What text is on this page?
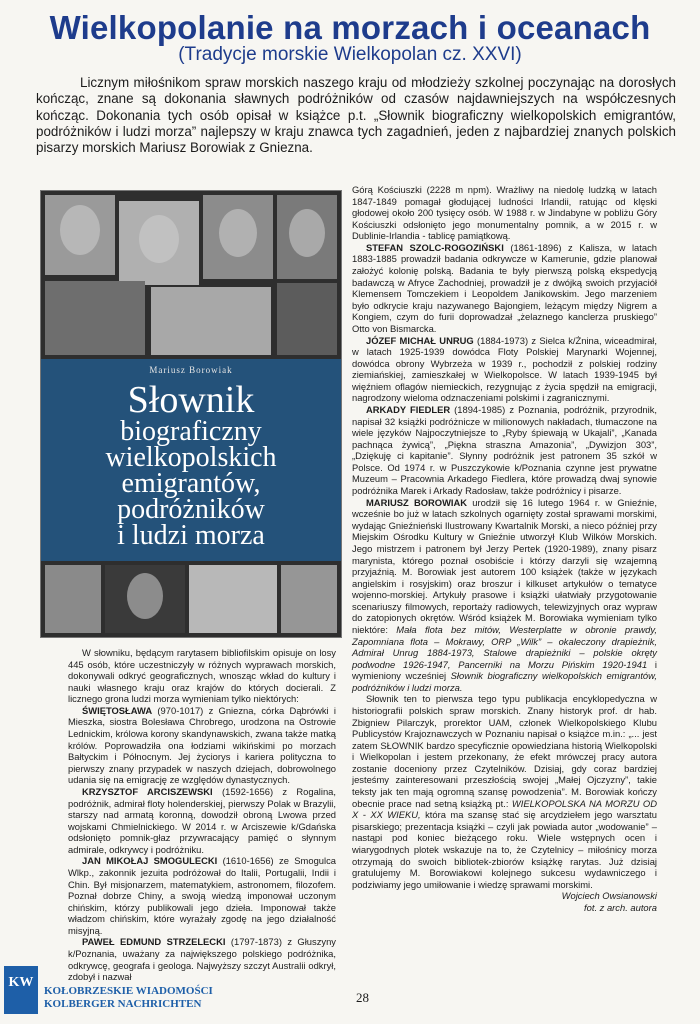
Wielkopolanie na morzach i oceanach
(Tradycje morskie Wielkopolan cz. XXVI)
Licznym miłośnikom spraw morskich naszego kraju od młodzieży szkolnej poczynając na dorosłych kończąc, znane są dokonania sławnych podróżników od czasów najdawniejszych na współczesnych kończąc. Dokonania tych osób opisał w książce p.t. „Słownik biograficzny wielkopolskich emigrantów, podróżników i ludzi morza” najlepszy w kraju znawca tych zagadnień, jeden z najbardziej znanych polskich pisarzy morskich Mariusz Borowiak z Gniezna.
Mariusz Borowiak
Słownik
biograficzny
wielkopolskich
emigrantów,
podróżników
i ludzi morza

W słowniku, będącym rarytasem bibliofilskim opisuje on losy 445 osób, które uczestniczyły w różnych wyprawach morskich, dokonywali odkryć geograficznych, wnosząc wkład do kultury i nauki własnego kraju oraz krajów do których docierali. Z licznego grona ludzi morza wymieniam tylko niektórych:

ŚWIĘTOSŁAWA (970-1017) z Gniezna, córka Dąbrówki i Mieszka, siostra Bolesława Chrobrego, urodzona na Ostrowie Lednickim, królowa korony skandynawskich, zwana także matką królów. Poprowadziła ona łodziami wikińskimi po morzach Bałtyckim i Północnym. Jej życiorys i kariera polityczna to pierwszy znany przypadek w naszych dziejach, dobrowolnego udania się na emigrację ze względów dynastycznych.

KRZYSZTOF ARCISZEWSKI (1592-1656) z Rogalina, podróżnik, admirał floty holenderskiej, pierwszy Polak w Brazylii, starszy nad armatą koronną, dowodził obroną Lwowa przed wojskami Chmielnickiego. W 2014 r. w Arciszewie k/Gdańska odsłonięto pomnik-głaz przywracający pamięć o słynnym admirale, odkrywcy i podróżniku.

JAN MIKOŁAJ SMOGULECKI (1610-1656) ze Smogulca Wlkp., zakonnik jezuita podróżował do Italii, Portugalii, Indii i Chin. Był misjonarzem, matematykiem, astronomem, filozofem. Poznał dobrze Chiny, a swoją wiedzą imponował uczonym chińskim, którzy publikowali jego dzieła. Imponował także władzom chińskim, które wyrażały zgodę na jego działalność misyjną.

PAWEŁ EDMUND STRZELECKI (1797-1873) z Głuszyny k/Poznania, uważany za największego polskiego podróżnika, odkrywcę, geografa i geologa. Najwyższy szczyt Australii odkrył, zdobył i nazwał

Górą Kościuszki (2228 m npm). Wrażliwy na niedolę ludzką w latach 1847-1849 pomagał głodującej ludności Irlandii, ratując od klęski głodowej około 200 tysięcy osób. W 1988 r. w Jindabyne w pobliżu Góry Kościuszki odsłonięto jego monumentalny pomnik, a w 2015 r. w Dublinie-Irlandia - tablicę pamiątkową.

STEFAN SZOLC-ROGOZIŃSKI (1861-1896) z Kalisza, w latach 1883-1885 prowadził badania odkrywcze w Kamerunie, gdzie planował założyć kolonię polską. Badania te były pierwszą polską ekspedycją badawczą w Afryce Zachodniej, prowadził je z dwójką swoich przyjaciół Klemensem Tomczekiem i Leopoldem Janikowskim. Jego marzeniem było odkrycie kraju nazywanego Bajongiem, leżącym między Nigrem a Kongiem, czym do furii doprowadzał „żelaznego kanclerza pruskiego” Otto von Bismarcka.

JÓZEF MICHAŁ UNRUG (1884-1973) z Sielca k/Żnina, wiceadmirał, w latach 1925-1939 dowódca Floty Polskiej Marynarki Wojennej, dowódca obrony Wybrzeża w 1939 r., pochodził z polskiej rodziny ziemiańskiej, zamieszkałej w Wielkopolsce. W latach 1939-1945 był więźniem oflagów niemieckich, rezygnując z życia spędził na emigracji, nagrodzony wieloma odznaczeniami polskimi i zagranicznymi.

ARKADY FIEDLER (1894-1985) z Poznania, podróżnik, przyrodnik, napisał 32 książki podróżnicze w milionowych nakładach, tłumaczone na wiele języków Najpoczytniejsze to „Ryby śpiewają w Ukajali”, „Kanada pachnąca żywicą”, „Piękna straszna Amazonia”, „Dywizjon 303”, „Dziękuję ci kapitanie”. Słynny podróżnik jest patronem 35 szkół w Polsce. Od 1974 r. w Puszczykowie k/Poznania czynne jest prywatne Muzeum – Pracownia Arkadego Fiedlera, które prowadzą dwaj synowie podróżnika Marek i Arkady Radosław, także podróżnicy i pisarze.

MARIUSZ BOROWIAK urodził się 16 lutego 1964 r. w Gnieźnie, wcześnie bo już w latach szkolnych ogarnięty został sprawami morskimi, wydając Gnieźnieński Ilustrowany Kwartalnik Morski, a nieco później przy Miejskim Ośrodku Kultury w Gnieźnie utworzył Klub Wilków Morskich. Jego mistrzem i patronem był Jerzy Pertek (1920-1989), znany pisarz marynista, którego poznał osobiście i którzy darzyli się wzajemną przyjaźnią. M. Borowiak jest autorem 100 książek (także w językach angielskim i rosyjskim) oraz broszur i kilkuset artykułów o tematyce wojenno-morskiej. Artykuły prasowe i książki ułatwiały przygotowanie scenariuszy filmowych, reportaży radiowych, telewizyjnych oraz wypraw do zatopionych okrętów. Wśród książek M. Borowiaka wymieniam tylko niektóre: Mała flota bez mitów, Westerplatte w obronie prawdy, Zapomniana flota – Mokrawy, ORP „Wilk” – okaleczony drapieżnik, Admirał Unrug 1884-1973, Stalowe drapieżniki – polskie okręty podwodne 1926-1947, Pancerniki na Morzu Pińskim 1920-1941 i wymieniony wcześniej Słownik biograficzny wielkopolskich emigrantów, podróżników i ludzi morza.

Słownik ten to pierwsza tego typu publikacja encyklopedyczna w historiografii polskich spraw morskich. Znany historyk prof. dr hab. Zbigniew Pilarczyk, prorektor UAM, członek Wielkopolskiego Klubu Publicystów Krajoznawczych w Poznaniu napisał o książce m.in.: „... jest zatem SŁOWNIK bardzo specyficznie opowiedziana historią Wielkopolski i Wielkopolan i jestem przekonany, że efekt mrówczej pracy autora zostanie doceniony przez Czytelników. Dzisiaj, gdy coraz bardziej jesteśmy zainteresowani przeszłością swojej „Małej Ojczyzny”, takie teksty jak ten mają ogromną szansę powodzenia”. M. Borowiak kończy obecnie prace nad setną książką pt.: WIELKOPOLSKA NA MORZU OD X - XX WIEKU, która ma szansę stać się arcydziełem jego warsztatu pisarskiego; prezentacja książki – czyli jak powiada autor „wodowanie” – nastąpi pod koniec bieżącego roku. Wiele wstępnych ocen i wiarygodnych plotek wskazuje na to, że Czytelnicy – miłośnicy morza otrzymają do swoich bibliotek-zbiorów książkę rarytas. Już dzisiaj gratulujemy M. Borowiakowi kolejnego sukcesu wydawniczego i podziwiamy jego umiłowanie i wiedzę sprawami morskimi.

Wojciech Owsianowski

fot. z arch. autora

KW
KOŁOBRZESKIE WIADOMOŚCI
KOLBERGER NACHRICHTEN	28
